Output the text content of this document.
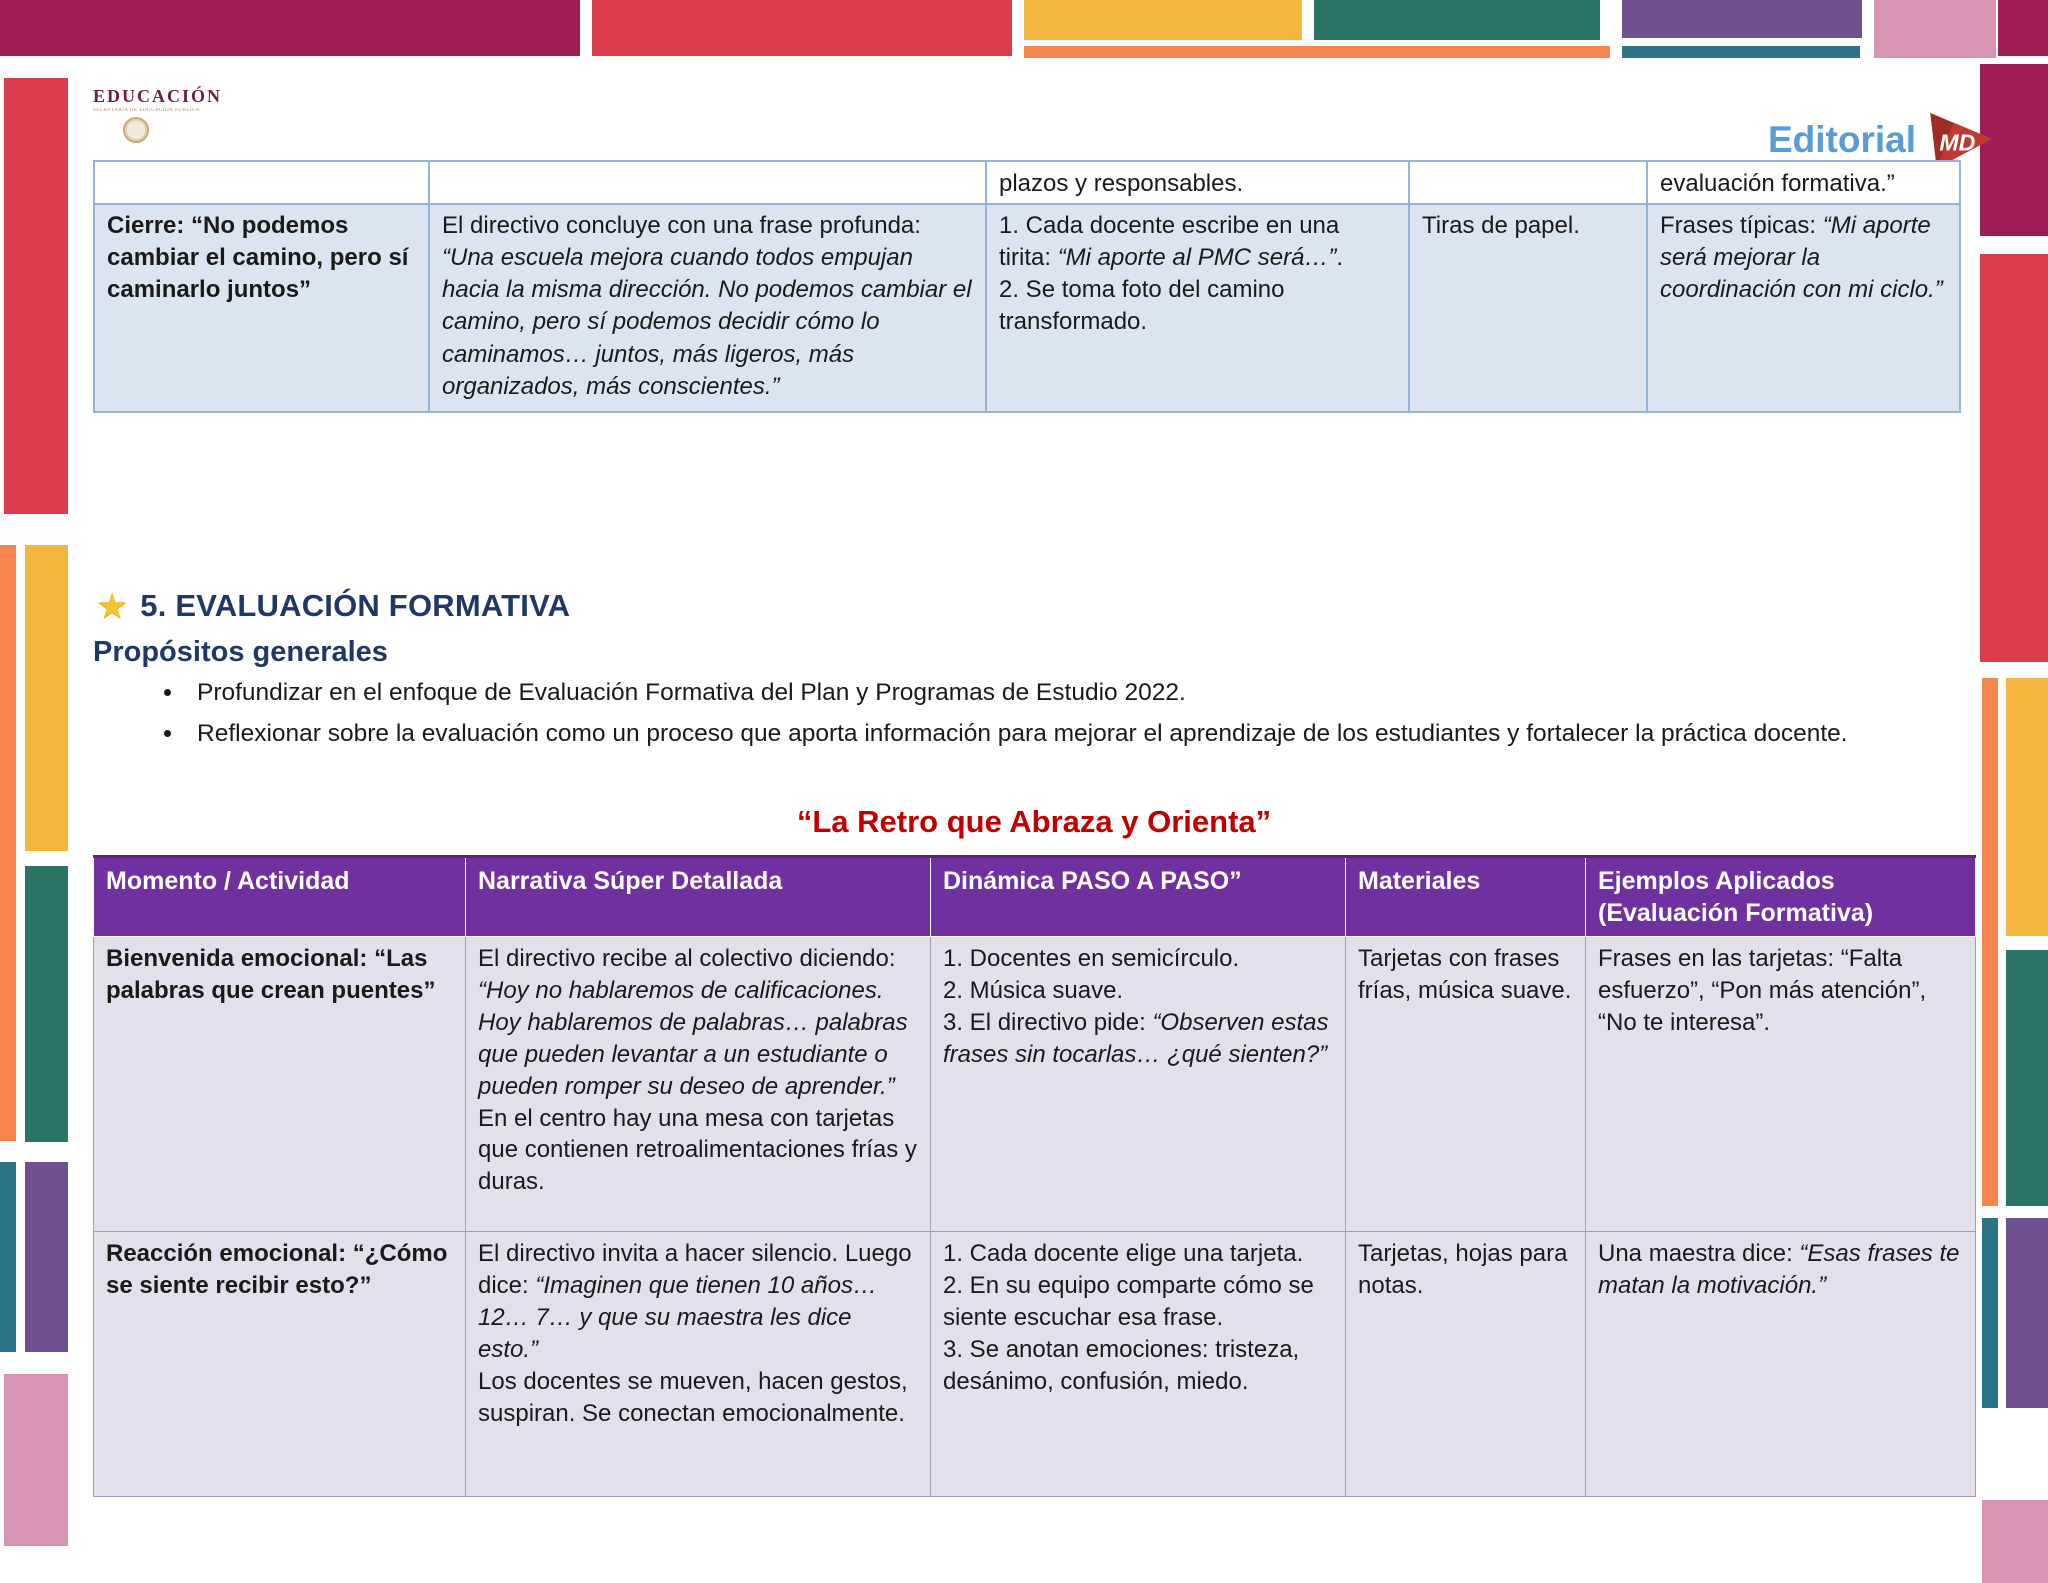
EDUCACIÓN
SECRETARÍA DE EDUCACIÓN PÚBLICA
Editorial MD
		plazos y responsables.		evaluación formativa.”
Cierre: “No podemos cambiar el camino, pero sí caminarlo juntos”	El directivo concluye con una frase profunda:
“Una escuela mejora cuando todos empujan hacia la misma dirección. No podemos cambiar el camino, pero sí podemos decidir cómo lo caminamos… juntos, más ligeros, más organizados, más conscientes.”	1. Cada docente escribe en una tirita: “Mi aporte al PMC será…”.
2. Se toma foto del camino transformado.	Tiras de papel.	Frases típicas: “Mi aporte será mejorar la coordinación con mi ciclo.”
★ 5. EVALUACIÓN FORMATIVA
Propósitos generales
• Profundizar en el enfoque de Evaluación Formativa del Plan y Programas de Estudio 2022.
• Reflexionar sobre la evaluación como un proceso que aporta información para mejorar el aprendizaje de los estudiantes y fortalecer la práctica docente.
“La Retro que Abraza y Orienta”
Momento / Actividad	Narrativa Súper Detallada	Dinámica PASO A PASO”	Materiales	Ejemplos Aplicados (Evaluación Formativa)
Bienvenida emocional: “Las palabras que crean puentes”	El directivo recibe al colectivo diciendo: “Hoy no hablaremos de calificaciones. Hoy hablaremos de palabras… palabras que pueden levantar a un estudiante o pueden romper su deseo de aprender.”
En el centro hay una mesa con tarjetas que contienen retroalimentaciones frías y duras.	1. Docentes en semicírculo.
2. Música suave.
3. El directivo pide: “Observen estas frases sin tocarlas… ¿qué sienten?”	Tarjetas con frases frías, música suave.	Frases en las tarjetas: “Falta esfuerzo”, “Pon más atención”, “No te interesa”.
Reacción emocional: “¿Cómo se siente recibir esto?”	El directivo invita a hacer silencio. Luego dice: “Imaginen que tienen 10 años… 12… 7… y que su maestra les dice esto.”
Los docentes se mueven, hacen gestos, suspiran. Se conectan emocionalmente.	1. Cada docente elige una tarjeta.
2. En su equipo comparte cómo se siente escuchar esa frase.
3. Se anotan emociones: tristeza, desánimo, confusión, miedo.	Tarjetas, hojas para notas.	Una maestra dice: “Esas frases te matan la motivación.”
